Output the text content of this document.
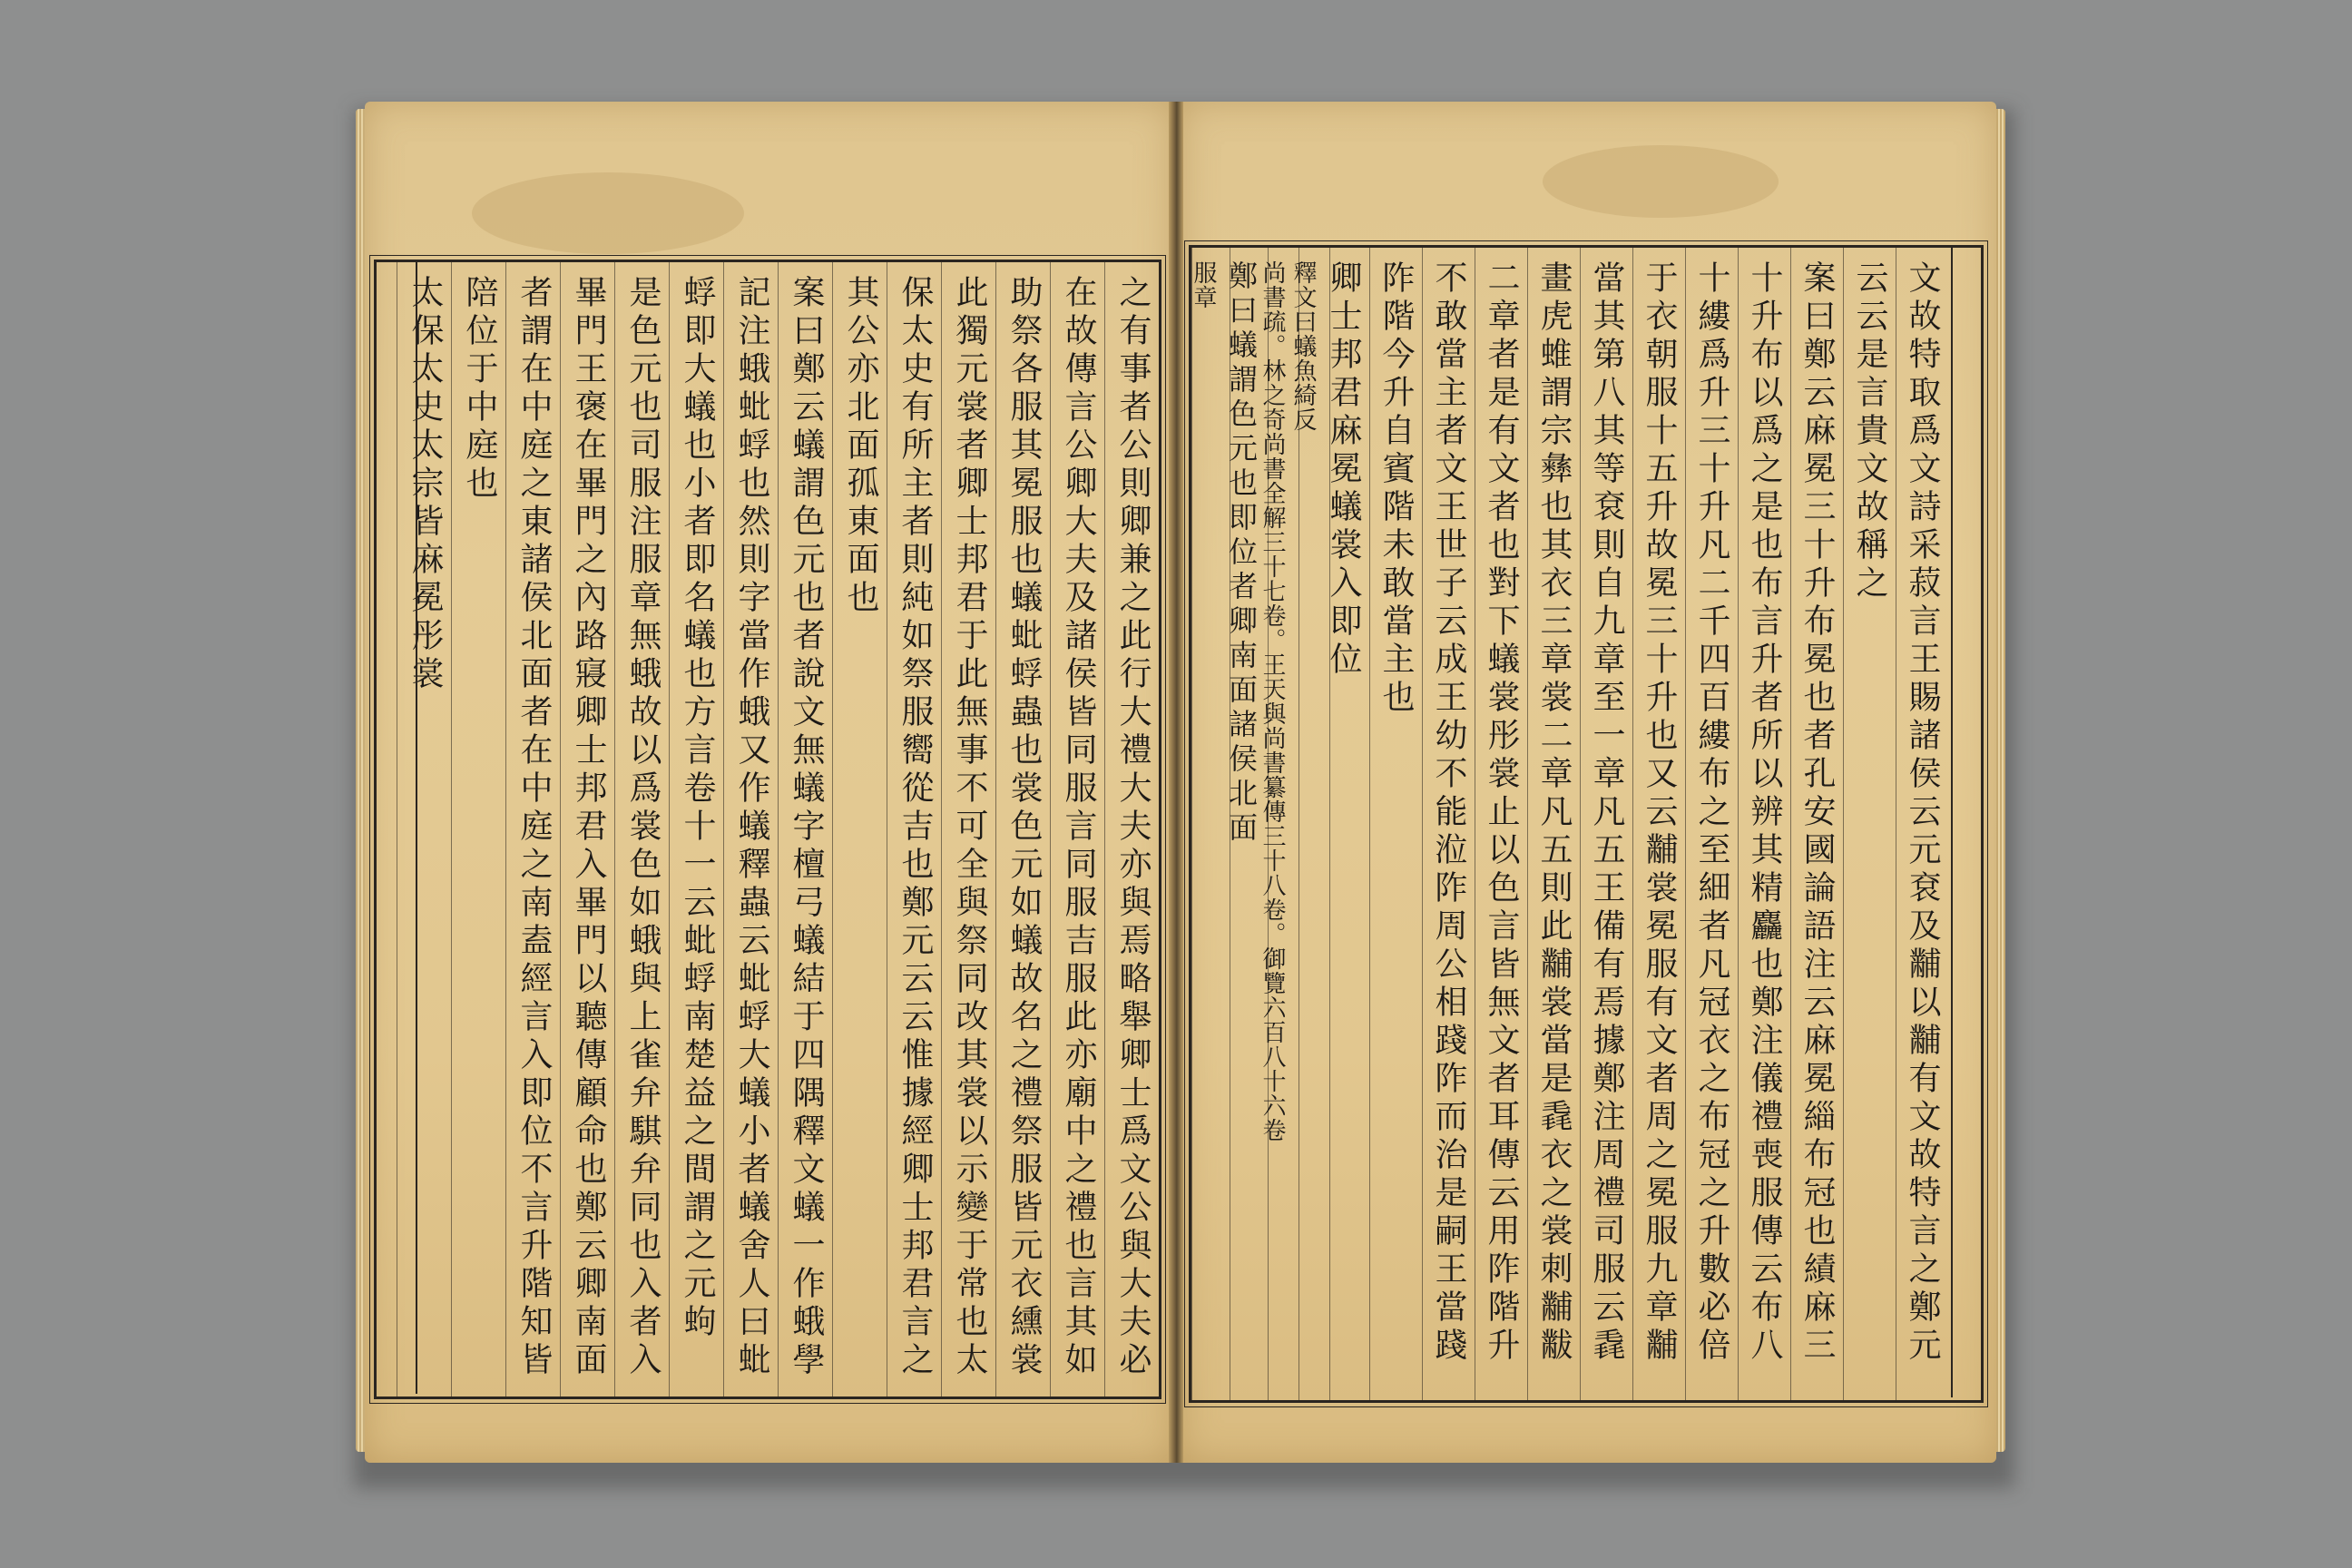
之有事者公則卿兼之此行大禮大夫亦與焉略舉卿士爲文公與大夫必
在故傳言公卿大夫及諸侯皆同服言同服吉服此亦廟中之禮也言其如
助祭各服其冕服也蟻蚍蜉蟲也裳色元如蟻故名之禮祭服皆元衣纁裳
此獨元裳者卿士邦君于此無事不可全與祭同改其裳以示變于常也太
保太史有所主者則純如祭服嚮從吉也鄭元云云惟據經卿士邦君言之
其公亦北面孤東面也
案曰鄭云蟻謂色元也者說文無蟻字檀弓蟻結于四隅釋文蟻一作蛾學
記注蛾蚍蜉也然則字當作蛾又作蟻釋蟲云蚍蜉大蟻小者蟻舍人曰蚍
蜉即大蟻也小者即名蟻也方言卷十一云蚍蜉南楚益之間謂之元蚼
是色元也司服注服章無蛾故以爲裳色如蛾與上雀弁騏弁同也入者入
畢門王褒在畢門之內路寢卿士邦君入畢門以聽傳顧命也鄭云卿南面
者謂在中庭之東諸侯北面者在中庭之南盍經言入即位不言升階知皆
陪位于中庭也
太保太史太宗皆麻冕彤裳	文故特取爲文詩采菽言王賜諸侯云元袞及黼以黼有文故特言之鄭元
云云是言貴文故稱之
案曰鄭云麻冕三十升布冕也者孔安國論語注云麻冕緇布冠也績麻三
十升布以爲之是也布言升者所以辨其精麤也鄭注儀禮喪服傳云布八
十縷爲升三十升凡二千四百縷布之至細者凡冠衣之布冠之升數必倍
于衣朝服十五升故冕三十升也又云黼裳冕服有文者周之冕服九章黼
當其第八其等袞則自九章至一章凡五王備有焉據鄭注周禮司服云毳
畫虎蜼謂宗彝也其衣三章裳二章凡五則此黼裳當是毳衣之裳刺黼黻
二章者是有文者也對下蟻裳彤裳止以色言皆無文者耳傳云用阼階升
不敢當主者文王世子云成王幼不能涖阼周公相踐阼而治是嗣王當踐
阼階今升自賓階未敢當主也
卿士邦君麻冕蟻裳入即位
釋文曰蟻魚綺反
尚書疏。林之奇尚書全解三十七卷。王天與尚書纂傳三十八卷。御覽六百八十六卷
鄭曰蟻謂色元也即位者卿南面諸侯北面
服章
